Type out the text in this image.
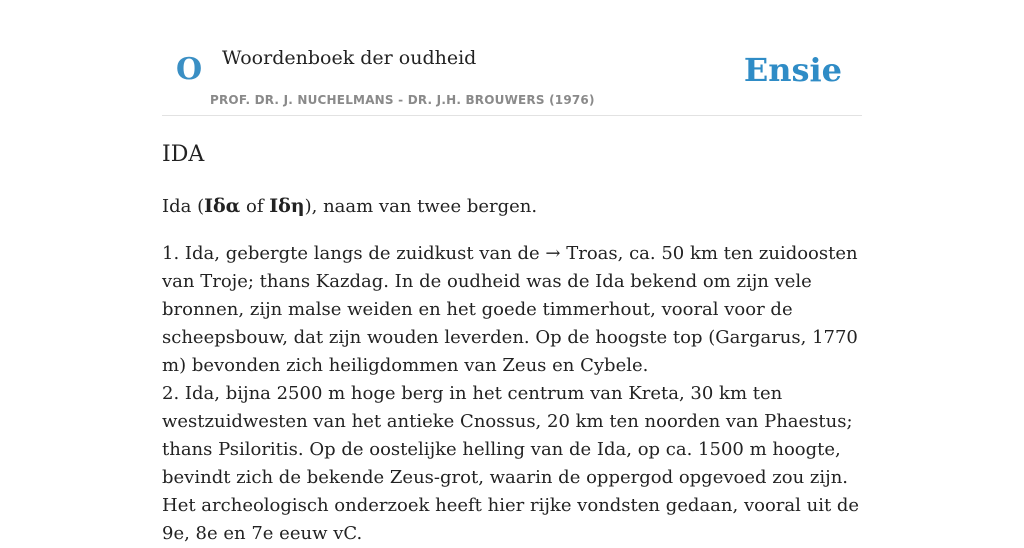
O Woordenboek der oudheid
PROF. DR. J. NUCHELMANS - DR. J.H. BROUWERS (1976)
Ensie
IDA

Ida (Ιδα of Ιδη), naam van twee bergen.

1. Ida, gebergte langs de zuidkust van de → Troas, ca. 50 km ten zuidoosten van Troje; thans Kazdag. In de oudheid was de Ida bekend om zijn vele bronnen, zijn malse weiden en het goede timmerhout, vooral voor de scheepsbouw, dat zijn wouden leverden. Op de hoogste top (Gargarus, 1770 m) bevonden zich heiligdommen van Zeus en Cybele.

2. Ida, bijna 2500 m hoge berg in het centrum van Kreta, 30 km ten westzuidwesten van het antieke Cnossus, 20 km ten noorden van Phaestus; thans Psiloritis. Op de oostelijke helling van de Ida, op ca. 1500 m hoogte, bevindt zich de bekende Zeus-grot, waarin de oppergod opgevoed zou zijn. Het archeologisch onderzoek heeft hier rijke vondsten gedaan, vooral uit de 9e, 8e en 7e eeuw vC.
